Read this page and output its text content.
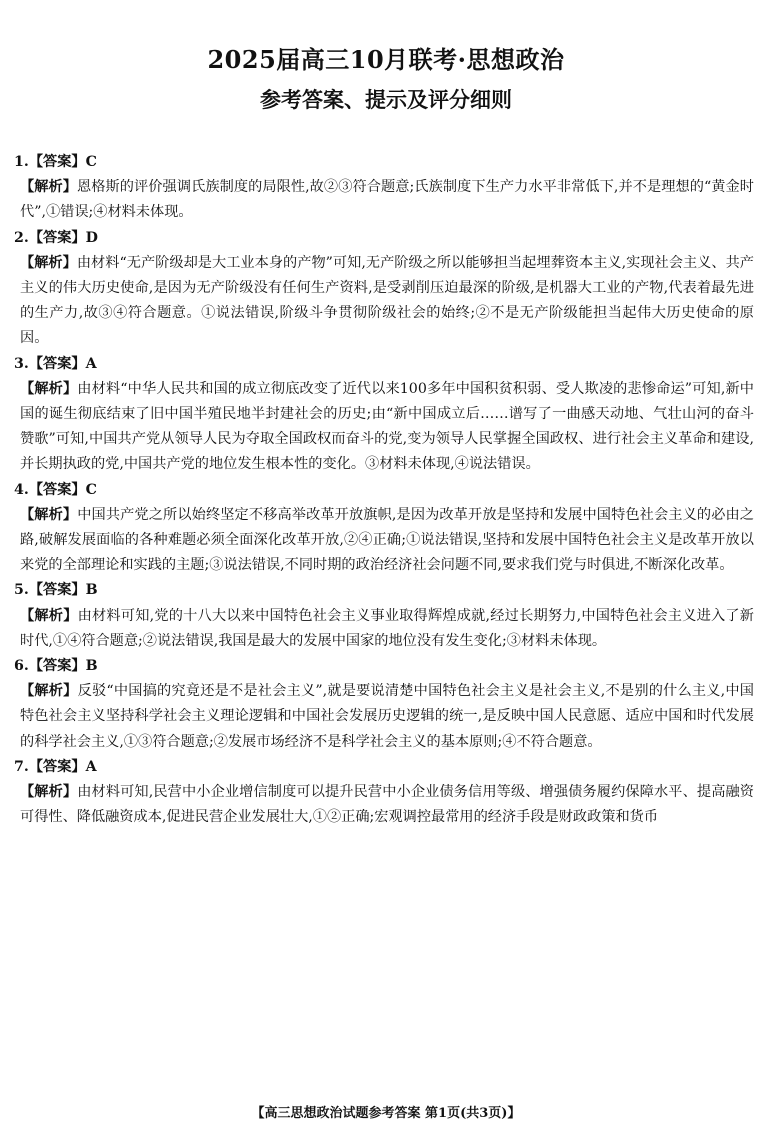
2025届高三10月联考·思想政治
参考答案、提示及评分细则
1.【答案】C
【解析】恩格斯的评价强调氏族制度的局限性,故②③符合题意;氏族制度下生产力水平非常低下,并不是理想的“黄金时代”,①错误;④材料未体现。
2.【答案】D
【解析】由材料“无产阶级却是大工业本身的产物”可知,无产阶级之所以能够担当起埋葬资本主义,实现社会主义、共产主义的伟大历史使命,是因为无产阶级没有任何生产资料,是受剥削压迫最深的阶级,是机器大工业的产物,代表着最先进的生产力,故③④符合题意。①说法错误,阶级斗争贯彻阶级社会的始终;②不是无产阶级能担当起伟大历史使命的原因。
3.【答案】A
【解析】由材料“中华人民共和国的成立彻底改变了近代以来100多年中国积贫积弱、受人欺凌的悲惨命运”可知,新中国的诞生彻底结束了旧中国半殖民地半封建社会的历史;由“新中国成立后……谱写了一曲感天动地、气壮山河的奋斗赞歌”可知,中国共产党从领导人民为夺取全国政权而奋斗的党,变为领导人民掌握全国政权、进行社会主义革命和建设,并长期执政的党,中国共产党的地位发生根本性的变化。③材料未体现,④说法错误。
4.【答案】C
【解析】中国共产党之所以始终坚定不移高举改革开放旗帜,是因为改革开放是坚持和发展中国特色社会主义的必由之路,破解发展面临的各种难题必须全面深化改革开放,②④正确;①说法错误,坚持和发展中国特色社会主义是改革开放以来党的全部理论和实践的主题;③说法错误,不同时期的政治经济社会问题不同,要求我们党与时俱进,不断深化改革。
5.【答案】B
【解析】由材料可知,党的十八大以来中国特色社会主义事业取得辉煌成就,经过长期努力,中国特色社会主义进入了新时代,①④符合题意;②说法错误,我国是最大的发展中国家的地位没有发生变化;③材料未体现。
6.【答案】B
【解析】反驳“中国搞的究竟还是不是社会主义”,就是要说清楚中国特色社会主义是社会主义,不是别的什么主义,中国特色社会主义坚持科学社会主义理论逻辑和中国社会发展历史逻辑的统一,是反映中国人民意愿、适应中国和时代发展的科学社会主义,①③符合题意;②发展市场经济不是科学社会主义的基本原则;④不符合题意。
7.【答案】A
【解析】由材料可知,民营中小企业增信制度可以提升民营中小企业债务信用等级、增强债务履约保障水平、提高融资可得性、降低融资成本,促进民营企业发展壮大,①②正确;宏观调控最常用的经济手段是财政政策和货币
【高三思想政治试题参考答案 第1页(共3页)】
